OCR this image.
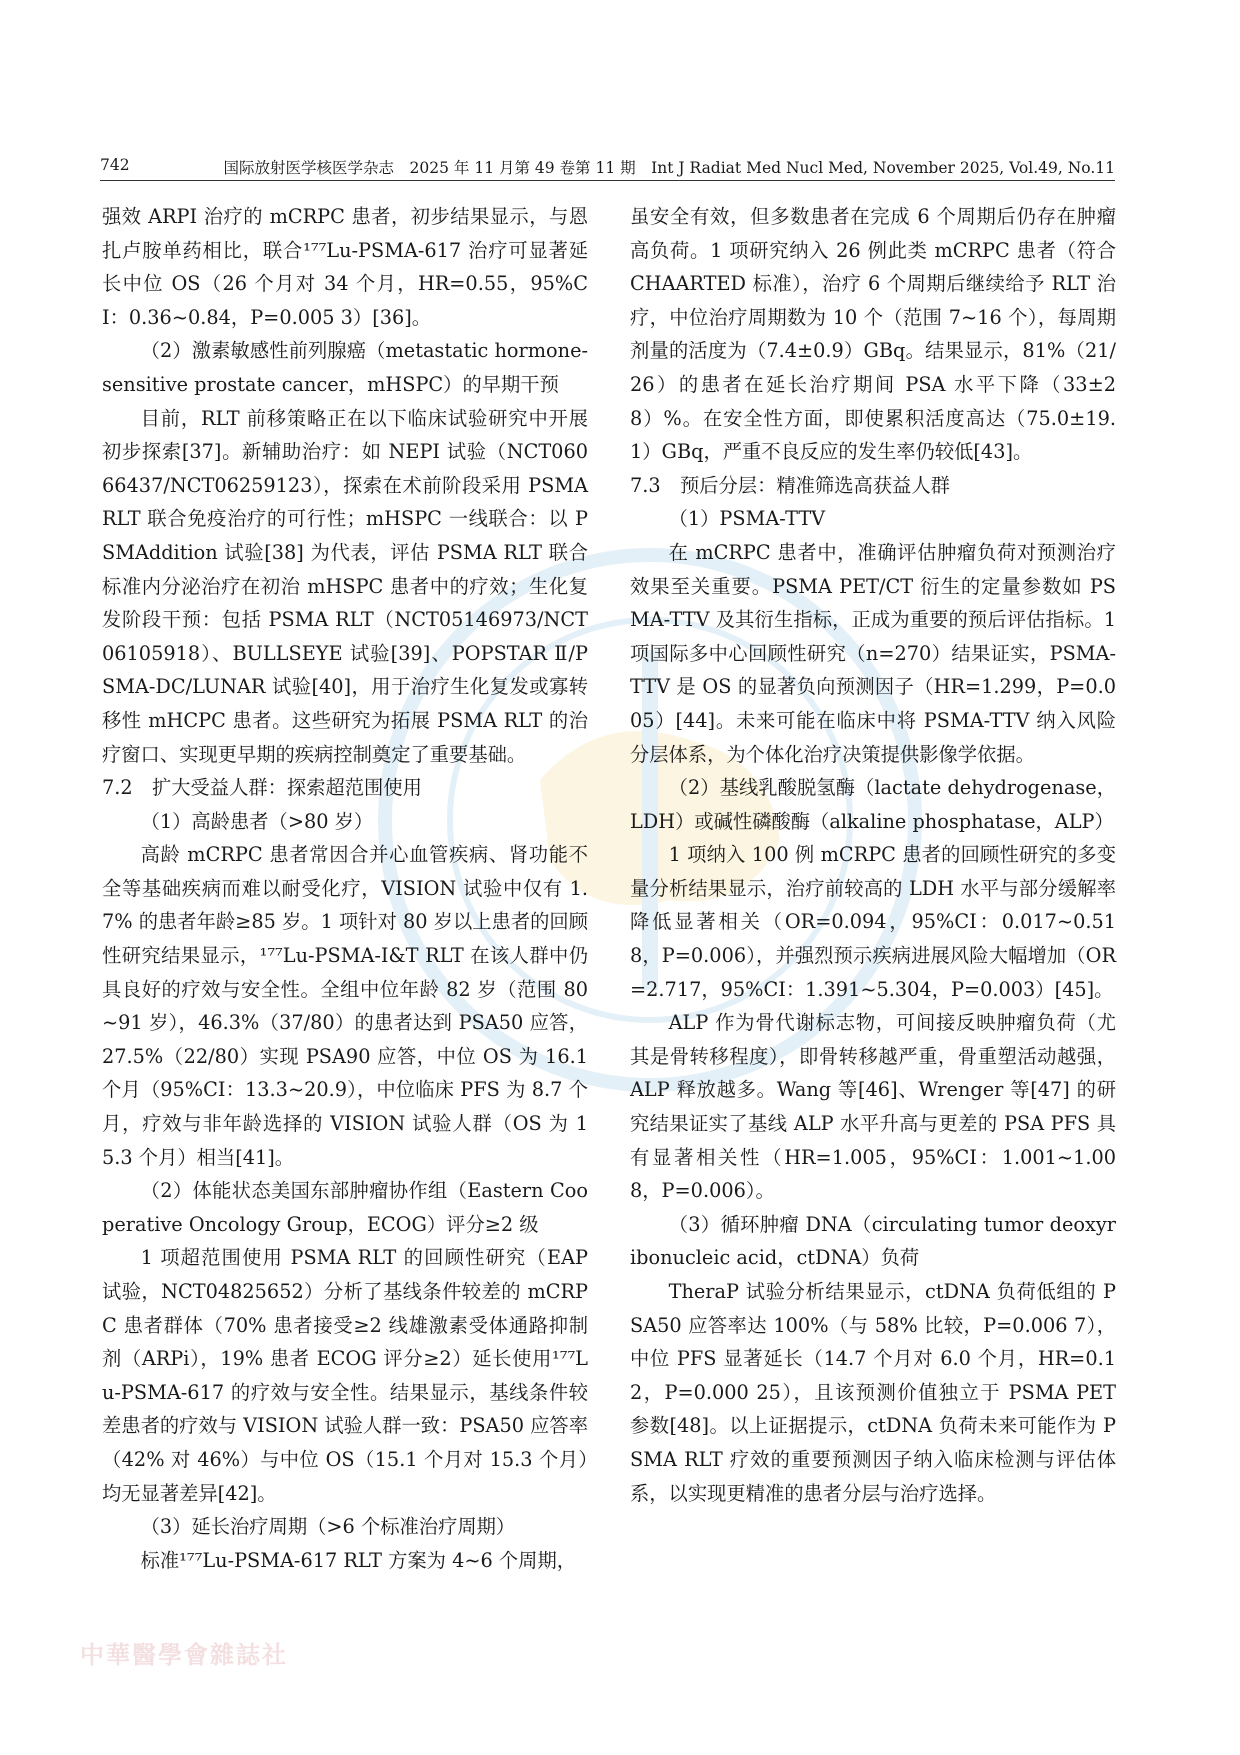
742	国际放射医学核医学杂志　2025 年 11 月第 49 卷第 11 期　Int J Radiat Med Nucl Med, November 2025, Vol.49, No.11

强效 ARPI 治疗的 mCRPC 患者，初步结果显示，与恩扎卢胺单药相比，联合¹⁷⁷Lu-PSMA-617 治疗可显著延长中位 OS（26 个月对 34 个月，HR=0.55，95%CI：0.36~0.84，P=0.005 3）[36]。

（2）激素敏感性前列腺癌（metastatic hormone-sensitive prostate cancer，mHSPC）的早期干预

目前，RLT 前移策略正在以下临床试验研究中开展初步探索[37]。新辅助治疗：如 NEPI 试验（NCT06066437/NCT06259123），探索在术前阶段采用 PSMA RLT 联合免疫治疗的可行性；mHSPC 一线联合：以 PSMAddition 试验[38] 为代表，评估 PSMA RLT 联合标准内分泌治疗在初治 mHSPC 患者中的疗效；生化复发阶段干预：包括 PSMA RLT（NCT05146973/NCT06105918）、BULLSEYE 试验[39]、POPSTAR Ⅱ/PSMA-DC/LUNAR 试验[40]，用于治疗生化复发或寡转移性 mHCPC 患者。这些研究为拓展 PSMA RLT 的治疗窗口、实现更早期的疾病控制奠定了重要基础。

7.2　扩大受益人群：探索超范围使用

（1）高龄患者（>80 岁）

高龄 mCRPC 患者常因合并心血管疾病、肾功能不全等基础疾病而难以耐受化疗，VISION 试验中仅有 1.7% 的患者年龄≥85 岁。1 项针对 80 岁以上患者的回顾性研究结果显示，¹⁷⁷Lu-PSMA-I&T RLT 在该人群中仍具良好的疗效与安全性。全组中位年龄 82 岁（范围 80~91 岁），46.3%（37/80）的患者达到 PSA50 应答，27.5%（22/80）实现 PSA90 应答，中位 OS 为 16.1 个月（95%CI：13.3~20.9），中位临床 PFS 为 8.7 个月，疗效与非年龄选择的 VISION 试验人群（OS 为 15.3 个月）相当[41]。

（2）体能状态美国东部肿瘤协作组（Eastern Cooperative Oncology Group，ECOG）评分≥2 级

1 项超范围使用 PSMA RLT 的回顾性研究（EAP 试验，NCT04825652）分析了基线条件较差的 mCRPC 患者群体（70% 患者接受≥2 线雄激素受体通路抑制剂（ARPi），19% 患者 ECOG 评分≥2）延长使用¹⁷⁷Lu-PSMA-617 的疗效与安全性。结果显示，基线条件较差患者的疗效与 VISION 试验人群一致：PSA50 应答率（42% 对 46%）与中位 OS（15.1 个月对 15.3 个月）均无显著差异[42]。

（3）延长治疗周期（>6 个标准治疗周期）

标准¹⁷⁷Lu-PSMA-617 RLT 方案为 4~6 个周期，

虽安全有效，但多数患者在完成 6 个周期后仍存在肿瘤高负荷。1 项研究纳入 26 例此类 mCRPC 患者（符合 CHAARTED 标准），治疗 6 个周期后继续给予 RLT 治疗，中位治疗周期数为 10 个（范围 7~16 个），每周期剂量的活度为（7.4±0.9）GBq。结果显示，81%（21/26）的患者在延长治疗期间 PSA 水平下降（33±28）%。在安全性方面，即使累积活度高达（75.0±19.1）GBq，严重不良反应的发生率仍较低[43]。

7.3　预后分层：精准筛选高获益人群

（1）PSMA-TTV

在 mCRPC 患者中，准确评估肿瘤负荷对预测治疗效果至关重要。PSMA PET/CT 衍生的定量参数如 PSMA-TTV 及其衍生指标，正成为重要的预后评估指标。1 项国际多中心回顾性研究（n=270）结果证实，PSMA-TTV 是 OS 的显著负向预测因子（HR=1.299，P=0.005）[44]。未来可能在临床中将 PSMA-TTV 纳入风险分层体系，为个体化治疗决策提供影像学依据。

（2）基线乳酸脱氢酶（lactate dehydrogenase，LDH）或碱性磷酸酶（alkaline phosphatase，ALP）

1 项纳入 100 例 mCRPC 患者的回顾性研究的多变量分析结果显示，治疗前较高的 LDH 水平与部分缓解率降低显著相关（OR=0.094，95%CI：0.017~0.518，P=0.006），并强烈预示疾病进展风险大幅增加（OR=2.717，95%CI：1.391~5.304，P=0.003）[45]。

ALP 作为骨代谢标志物，可间接反映肿瘤负荷（尤其是骨转移程度），即骨转移越严重，骨重塑活动越强，ALP 释放越多。Wang 等[46]、Wrenger 等[47] 的研究结果证实了基线 ALP 水平升高与更差的 PSA PFS 具有显著相关性（HR=1.005，95%CI：1.001~1.008，P=0.006）。

（3）循环肿瘤 DNA（circulating tumor deoxyribonucleic acid，ctDNA）负荷

TheraP 试验分析结果显示，ctDNA 负荷低组的 PSA50 应答率达 100%（与 58% 比较，P=0.006 7），中位 PFS 显著延长（14.7 个月对 6.0 个月，HR=0.12，P=0.000 25），且该预测价值独立于 PSMA PET 参数[48]。以上证据提示，ctDNA 负荷未来可能作为 PSMA RLT 疗效的重要预测因子纳入临床检测与评估体系，以实现更精准的患者分层与治疗选择。

中華醫學會雜誌社
